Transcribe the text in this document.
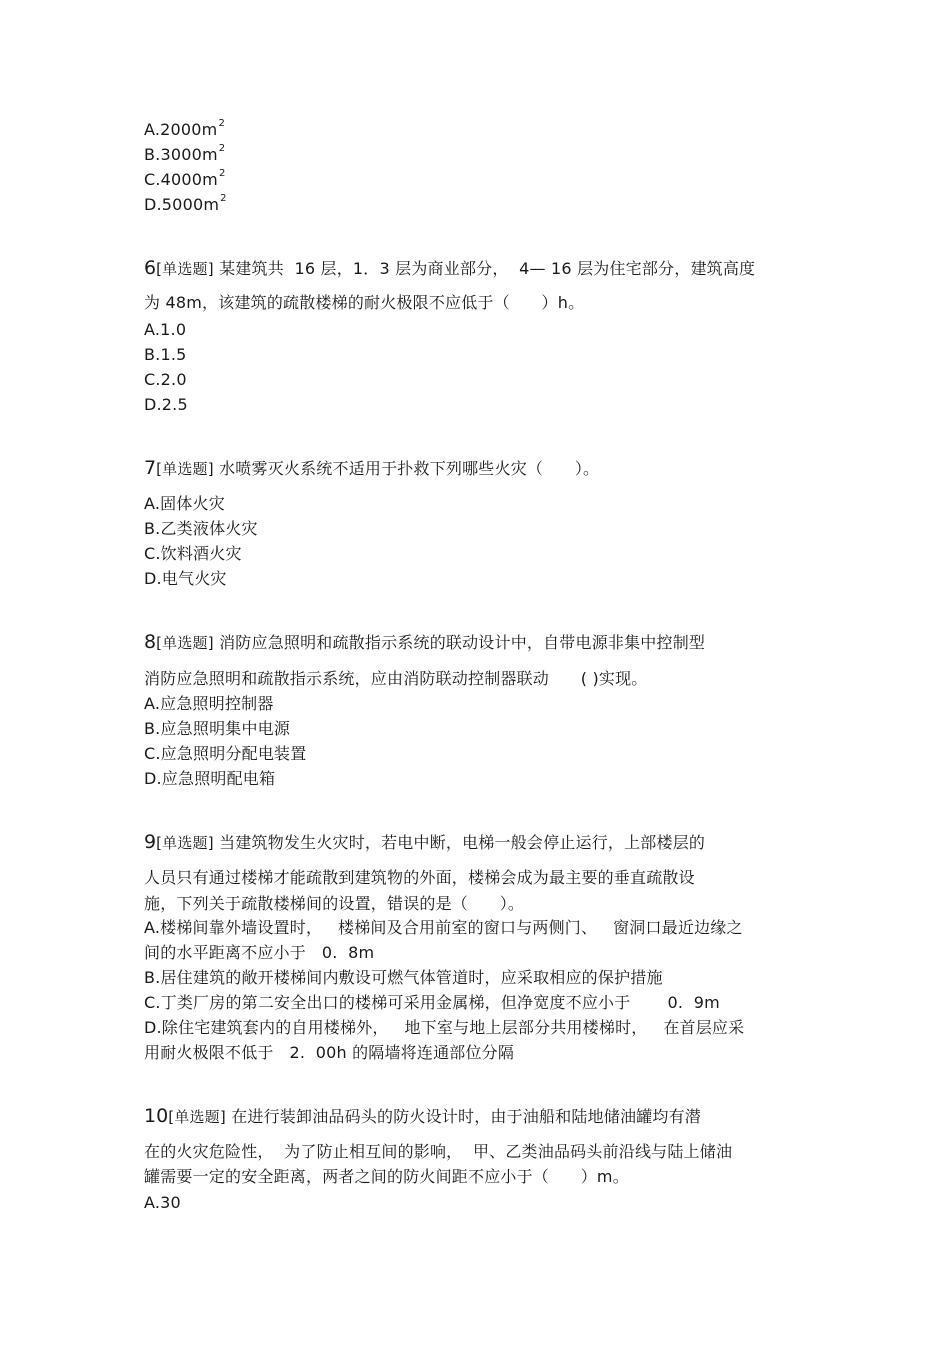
$A.2000m^2$
$B.3000m^2$
$C.4000m^2$
$D.5000m^2$
6[单选题] 某建筑共  16 层，1．3 层为商业部分，  4— 16 层为住宅部分，建筑高度
为 48m，该建筑的疏散楼梯的耐火极限不应低于（      ）h。
A.1.0
B.1.5
C.2.0
D.2.5
7[单选题] 水喷雾灭火系统不适用于扑救下列哪些火灾（      ）。
A.固体火灾
B.乙类液体火灾
C.饮料酒火灾
D.电气火灾
8[单选题] 消防应急照明和疏散指示系统的联动设计中，自带电源非集中控制型
消防应急照明和疏散指示系统，应由消防联动控制器联动      ( )实现。
A.应急照明控制器
B.应急照明集中电源
C.应急照明分配电装置
D.应急照明配电箱
9[单选题] 当建筑物发生火灾时，若电中断，电梯一般会停止运行，上部楼层的
人员只有通过楼梯才能疏散到建筑物的外面，楼梯会成为最主要的垂直疏散设
施，下列关于疏散楼梯间的设置，错误的是（      ）。
A.楼梯间靠外墙设置时，   楼梯间及合用前室的窗口与两侧门、   窗洞口最近边缘之
间的水平距离不应小于   0.  8m
B.居住建筑的敞开楼梯间内敷设可燃气体管道时，应采取相应的保护措施
C.丁类厂房的第二安全出口的楼梯可采用金属梯，但净宽度不应小于       0.  9m
D.除住宅建筑套内的自用楼梯外，   地下室与地上层部分共用楼梯时，   在首层应采
用耐火极限不低于   2.  00h 的隔墙将连通部位分隔
10[单选题] 在进行装卸油品码头的防火设计时，由于油船和陆地储油罐均有潜
在的火灾危险性，  为了防止相互间的影响，  甲、乙类油品码头前沿线与陆上储油
罐需要一定的安全距离，两者之间的防火间距不应小于（      ）m。
A.30
